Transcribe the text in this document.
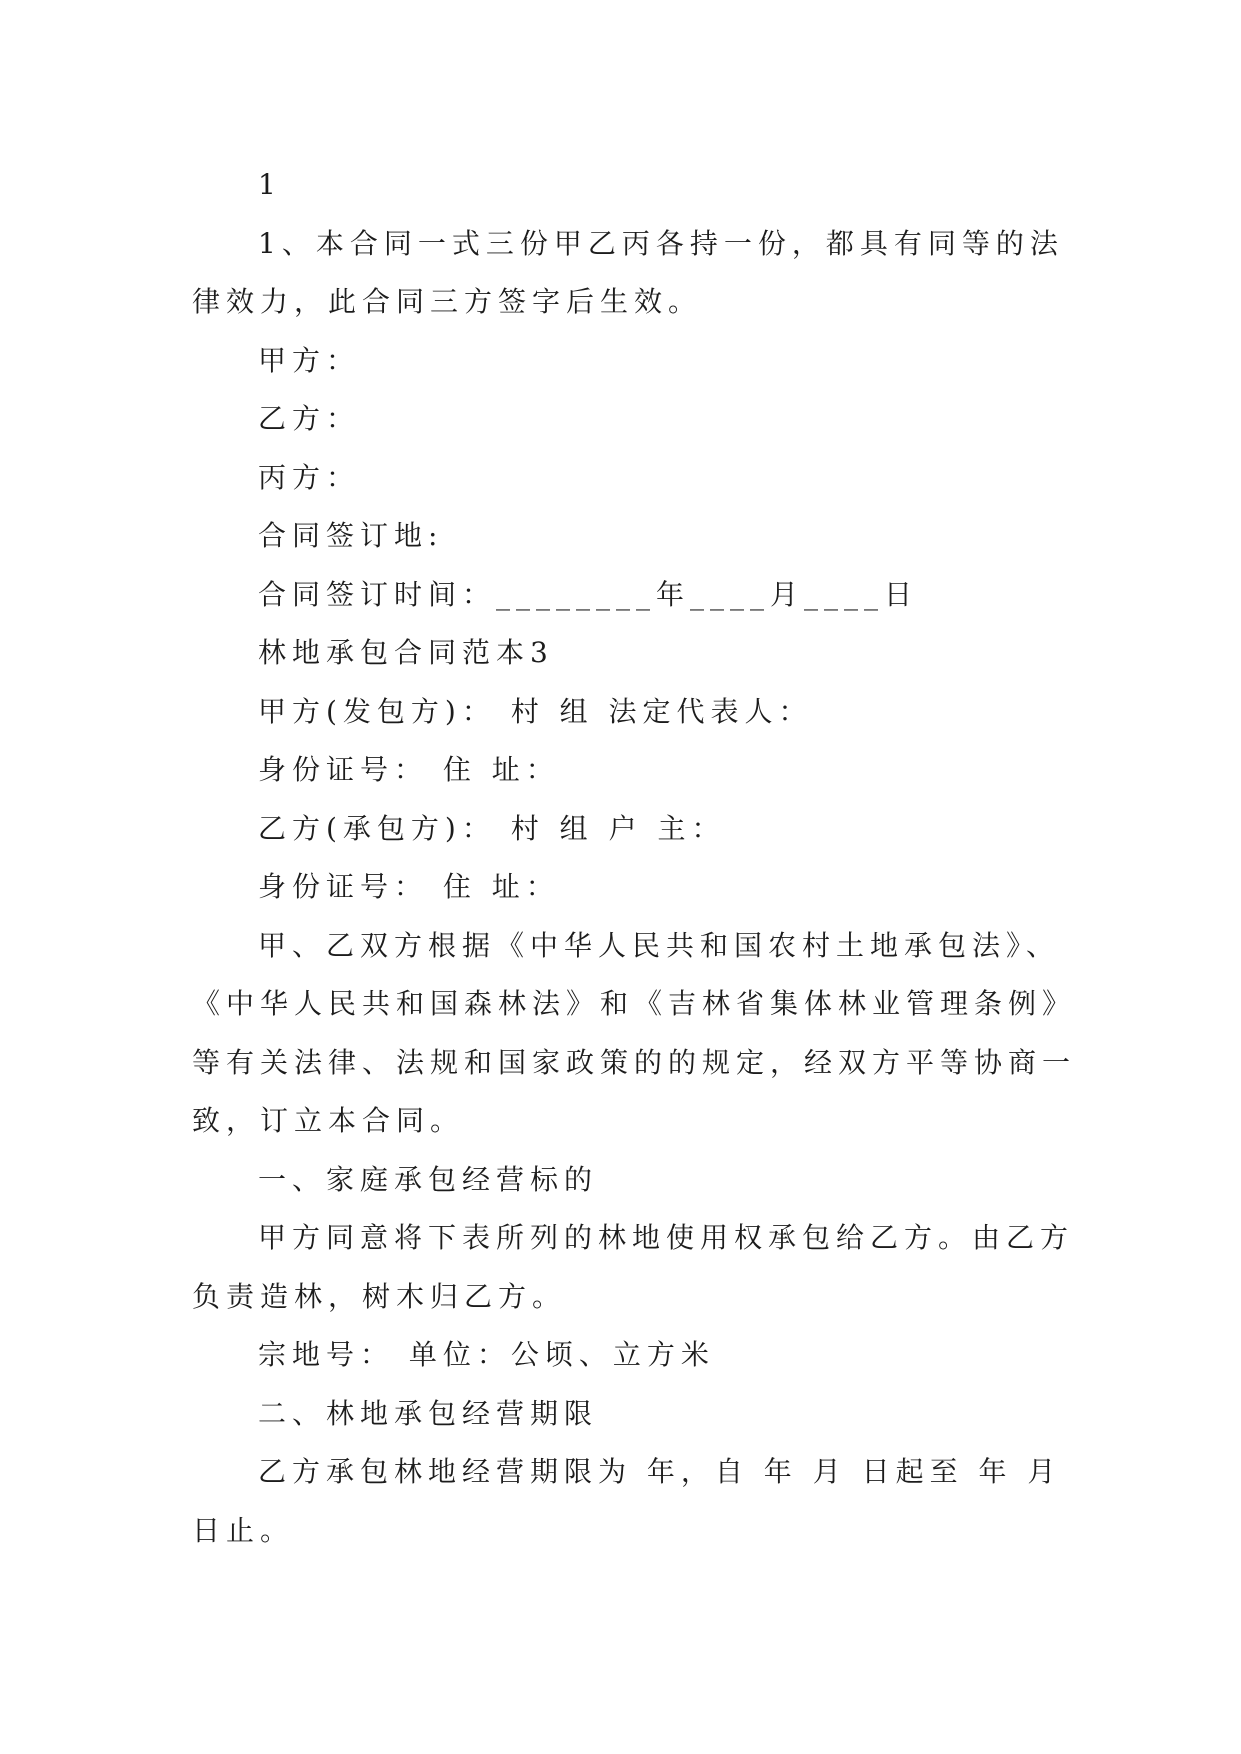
1
1、本合同一式三份甲乙丙各持一份，都具有同等的法
律效力，此合同三方签字后生效。
甲方：
乙方：
丙方：
合同签订地:
合同签订时间：________年____月____日
林地承包合同范本3
甲方(发包方)： 村 组 法定代表人：
身份证号： 住 址：
乙方(承包方)： 村 组 户 主：
身份证号： 住 址：
甲、乙双方根据《中华人民共和国农村土地承包法》、
《中华人民共和国森林法》和《吉林省集体林业管理条例》
等有关法律、法规和国家政策的的规定，经双方平等协商一
致，订立本合同。
一、家庭承包经营标的
甲方同意将下表所列的林地使用权承包给乙方。由乙方
负责造林，树木归乙方。
宗地号： 单位：公顷、立方米
二、林地承包经营期限
乙方承包林地经营期限为 年，自 年 月 日起至 年 月
日止。
